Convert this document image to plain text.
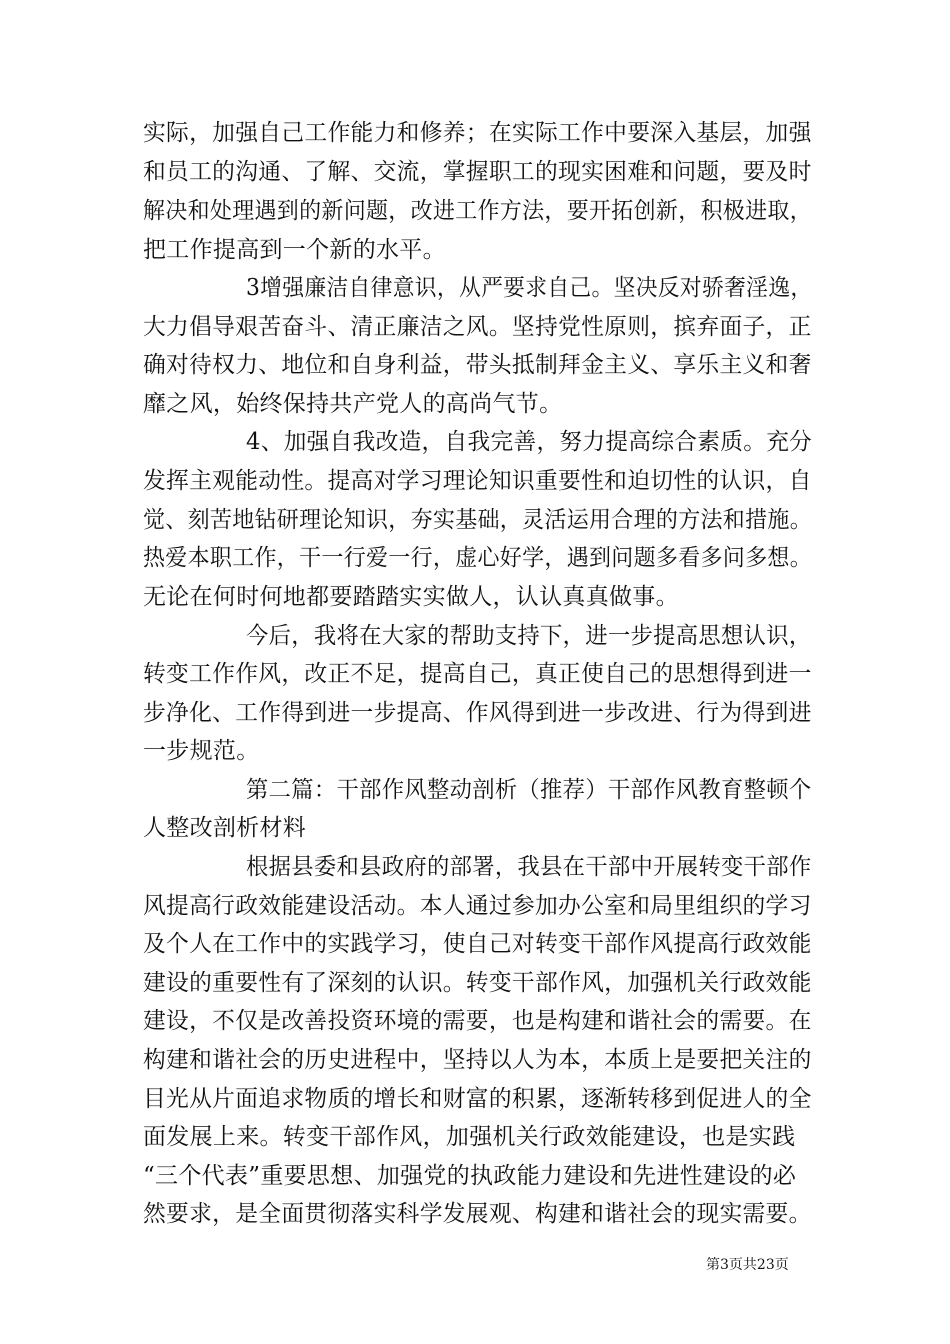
实际，加强自己工作能力和修养；在实际工作中要深入基层，加强
和员工的沟通、了解、交流，掌握职工的现实困难和问题，要及时
解决和处理遇到的新问题，改进工作方法，要开拓创新，积极进取，
把工作提高到一个新的水平。
3增强廉洁自律意识，从严要求自己。坚决反对骄奢淫逸，
大力倡导艰苦奋斗、清正廉洁之风。坚持党性原则，摈弃面子，正
确对待权力、地位和自身利益，带头抵制拜金主义、享乐主义和奢
靡之风，始终保持共产党人的高尚气节。
4、加强自我改造，自我完善，努力提高综合素质。充分
发挥主观能动性。提高对学习理论知识重要性和迫切性的认识，自
觉、刻苦地钻研理论知识，夯实基础，灵活运用合理的方法和措施。
热爱本职工作，干一行爱一行，虚心好学，遇到问题多看多问多想。
无论在何时何地都要踏踏实实做人，认认真真做事。
今后，我将在大家的帮助支持下，进一步提高思想认识，
转变工作作风，改正不足，提高自己，真正使自己的思想得到进一
步净化、工作得到进一步提高、作风得到进一步改进、行为得到进
一步规范。
第二篇：干部作风整动剖析（推荐）干部作风教育整顿个
人整改剖析材料
根据县委和县政府的部署，我县在干部中开展转变干部作
风提高行政效能建设活动。本人通过参加办公室和局里组织的学习
及个人在工作中的实践学习，使自己对转变干部作风提高行政效能
建设的重要性有了深刻的认识。转变干部作风，加强机关行政效能
建设，不仅是改善投资环境的需要，也是构建和谐社会的需要。在
构建和谐社会的历史进程中，坚持以人为本，本质上是要把关注的
目光从片面追求物质的增长和财富的积累，逐渐转移到促进人的全
面发展上来。转变干部作风，加强机关行政效能建设，也是实践
“三个代表”重要思想、加强党的执政能力建设和先进性建设的必
然要求，是全面贯彻落实科学发展观、构建和谐社会的现实需要。
第3页共23页
